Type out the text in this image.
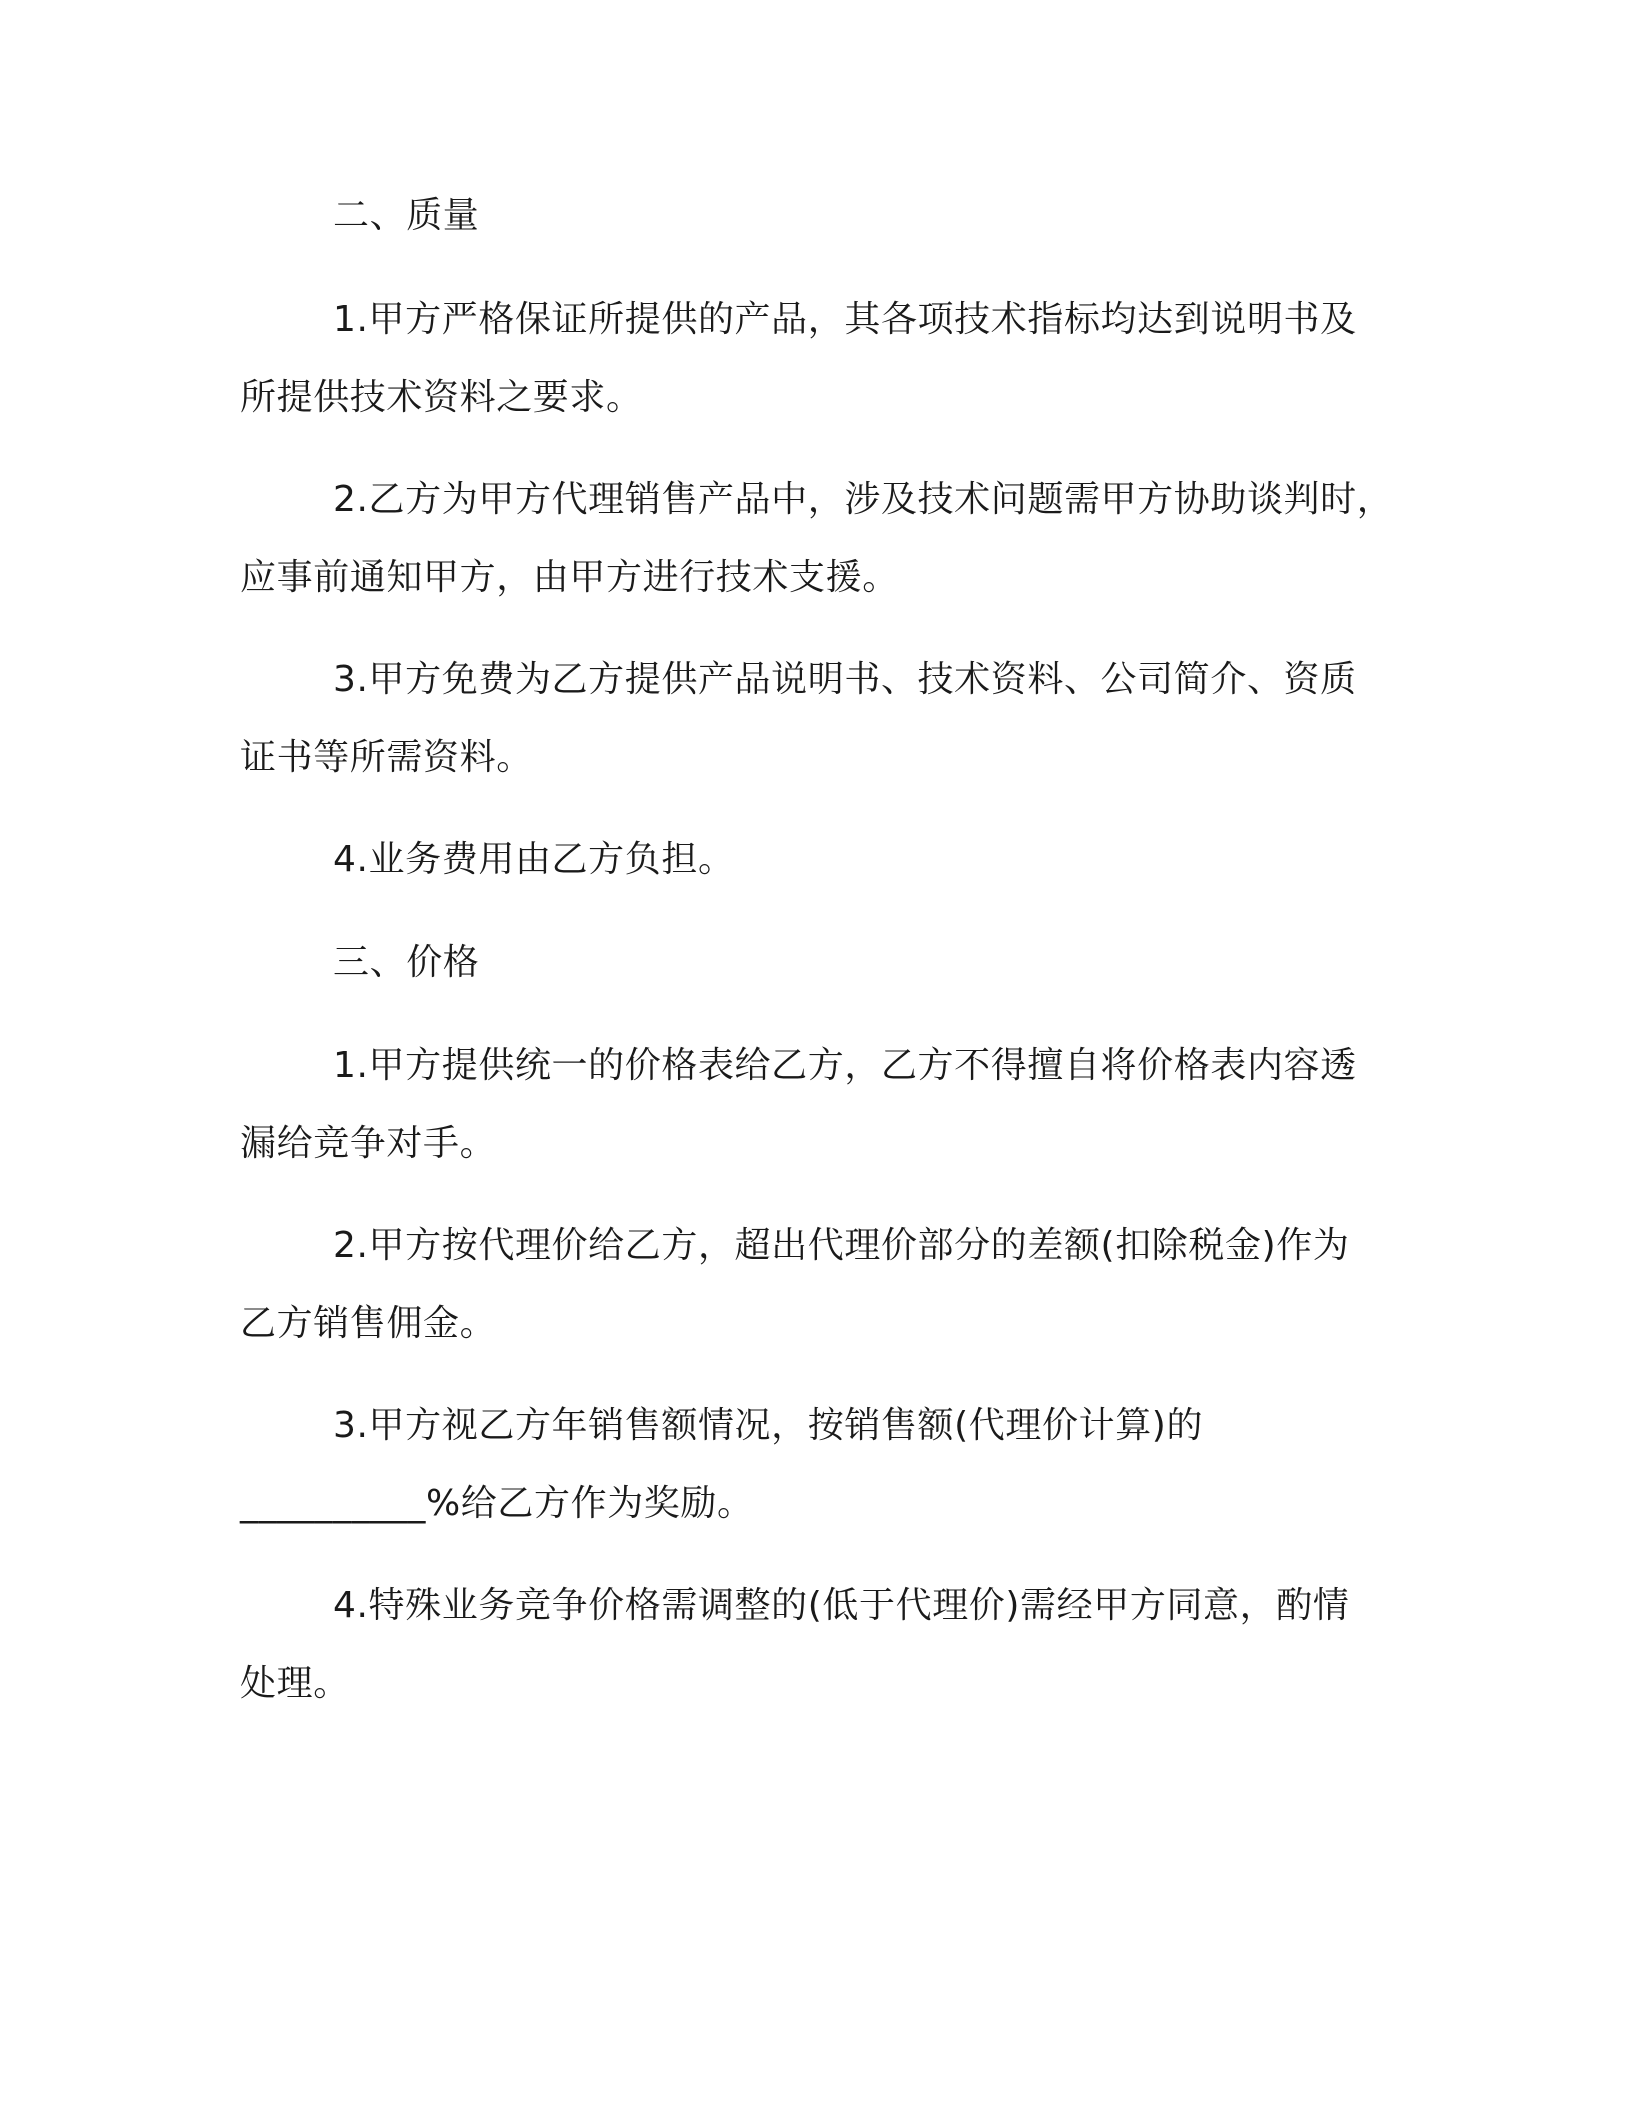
二、质量
1.甲方严格保证所提供的产品，其各项技术指标均达到说明书及
所提供技术资料之要求。
2.乙方为甲方代理销售产品中，涉及技术问题需甲方协助谈判时，
应事前通知甲方，由甲方进行技术支援。
3.甲方免费为乙方提供产品说明书、技术资料、公司简介、资质
证书等所需资料。
4.业务费用由乙方负担。
三、价格
1.甲方提供统一的价格表给乙方，乙方不得擅自将价格表内容透
漏给竞争对手。
2.甲方按代理价给乙方，超出代理价部分的差额(扣除税金)作为
乙方销售佣金。
3.甲方视乙方年销售额情况，按销售额(代理价计算)的
__________%给乙方作为奖励。
4.特殊业务竞争价格需调整的(低于代理价)需经甲方同意，酌情
处理。
